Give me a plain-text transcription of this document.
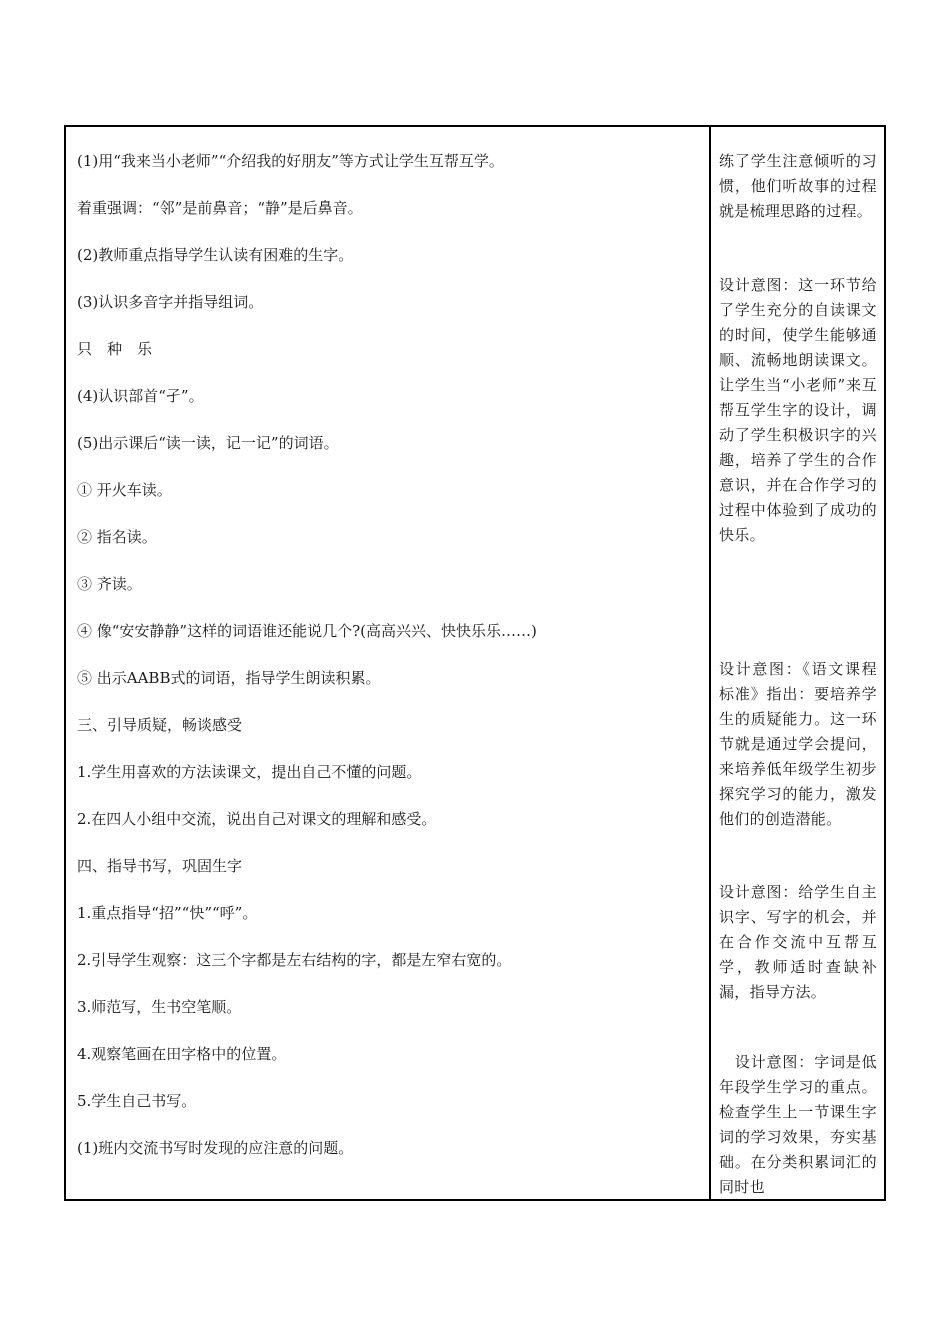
(1)用“我来当小老师”“介绍我的好朋友”等方式让学生互帮互学。
着重强调：“邻”是前鼻音；“静”是后鼻音。
(2)教师重点指导学生认读有困难的生字。
(3)认识多音字并指导组词。
只　种　乐
(4)认识部首“孑”。
(5)出示课后“读一读，记一记”的词语。
① 开火车读。
② 指名读。
③ 齐读。
④ 像“安安静静”这样的词语谁还能说几个?(高高兴兴、快快乐乐……)
⑤ 出示AABB式的词语，指导学生朗读积累。
三、引导质疑，畅谈感受
1.学生用喜欢的方法读课文，提出自己不懂的问题。
2.在四人小组中交流，说出自己对课文的理解和感受。
四、指导书写，巩固生字
1.重点指导“招”“快”“呼”。
2.引导学生观察：这三个字都是左右结构的字，都是左窄右宽的。
3.师范写，生书空笔顺。
4.观察笔画在田字格中的位置。
5.学生自己书写。
(1)班内交流书写时发现的应注意的问题。
练了学生注意倾听的习惯，他们听故事的过程就是梳理思路的过程。
设计意图：这一环节给了学生充分的自读课文的时间，使学生能够通顺、流畅地朗读课文。让学生当“小老师”来互帮互学生字的设计，调动了学生积极识字的兴趣，培养了学生的合作意识，并在合作学习的过程中体验到了成功的快乐。
设计意图：《语文课程标准》指出：要培养学生的质疑能力。这一环节就是通过学会提问，来培养低年级学生初步探究学习的能力，激发他们的创造潜能。
设计意图：给学生自主识字、写字的机会，并在合作交流中互帮互学，教师适时查缺补漏，指导方法。
　设计意图：字词是低年段学生学习的重点。检查学生上一节课生字词的学习效果，夯实基础。在分类积累词汇的同时也
